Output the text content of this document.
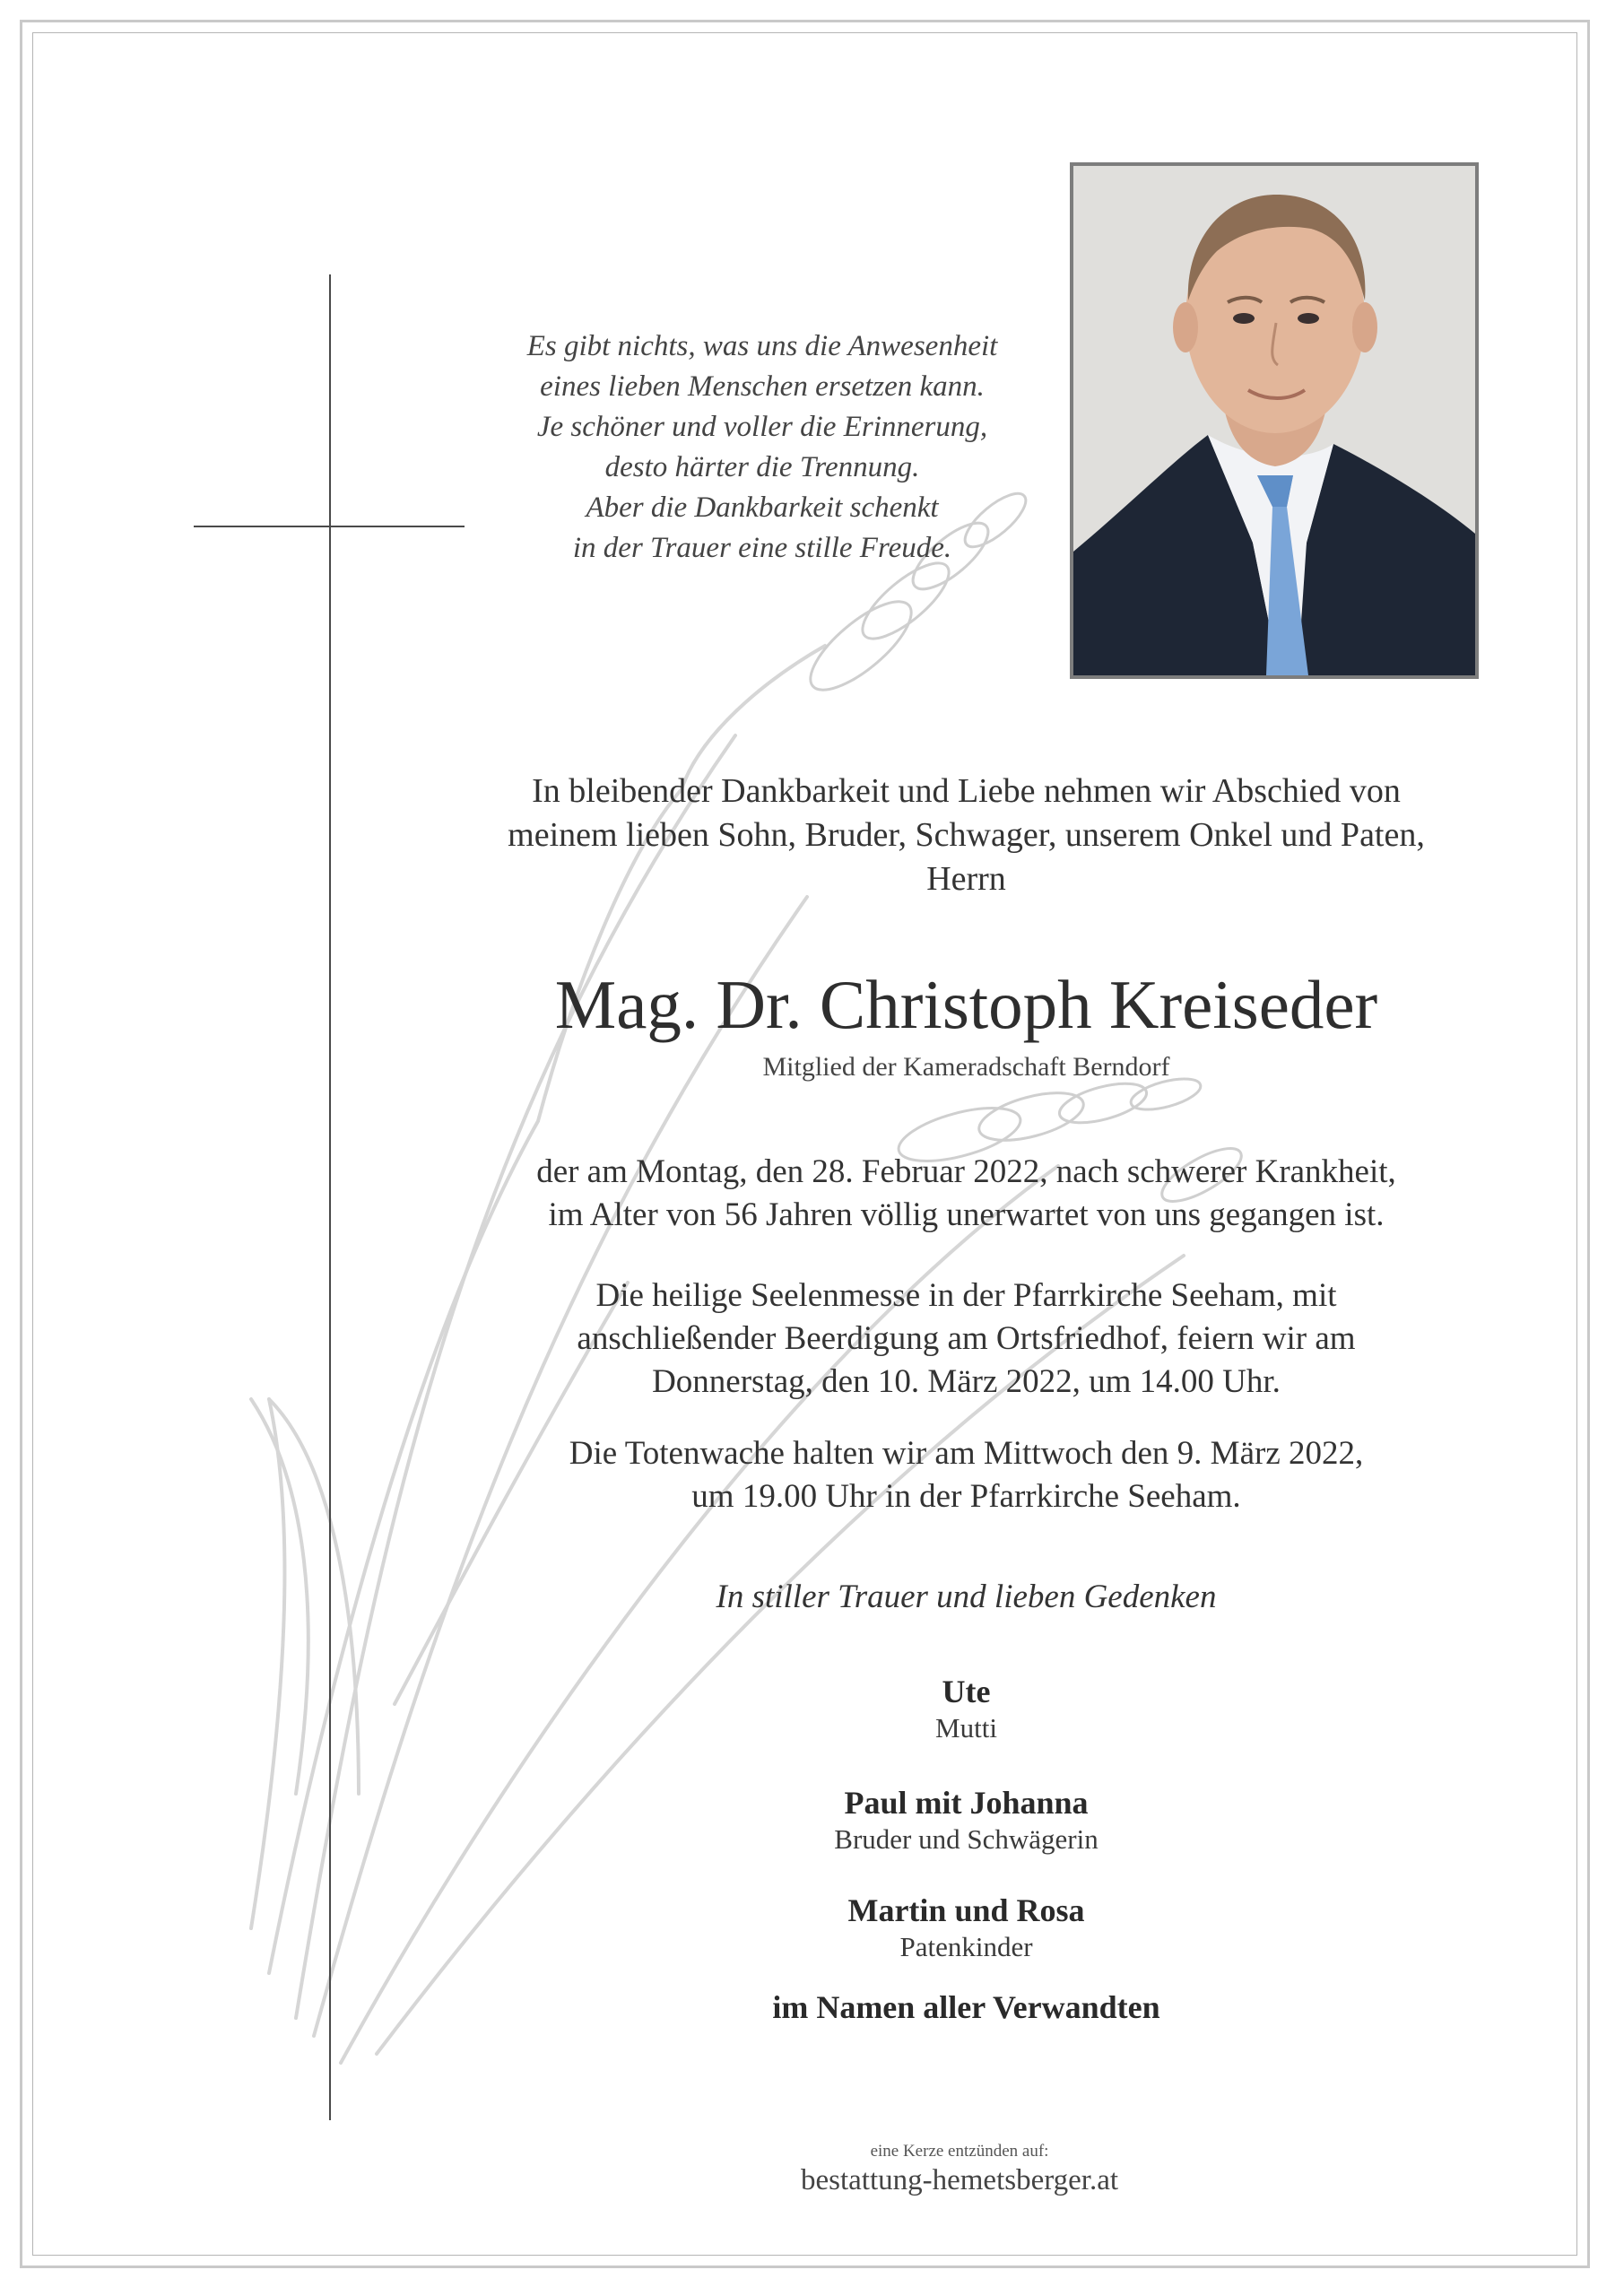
Es gibt nichts, was uns die Anwesenheit
eines lieben Menschen ersetzen kann.
Je schöner und voller die Erinnerung,
desto härter die Trennung.
Aber die Dankbarkeit schenkt
in der Trauer eine stille Freude.
In bleibender Dankbarkeit und Liebe nehmen wir Abschied von
meinem lieben Sohn, Bruder, Schwager, unserem Onkel und Paten,
Herrn
Mag. Dr. Christoph Kreiseder
Mitglied der Kameradschaft Berndorf
der am Montag, den 28. Februar 2022, nach schwerer Krankheit,
im Alter von 56 Jahren völlig unerwartet von uns gegangen ist.
Die heilige Seelenmesse in der Pfarrkirche Seeham, mit
anschließender Beerdigung am Ortsfriedhof, feiern wir am
Donnerstag, den 10. März 2022, um 14.00 Uhr.
Die Totenwache halten wir am Mittwoch den 9. März 2022,
um 19.00 Uhr in der Pfarrkirche Seeham.
In stiller Trauer und lieben Gedenken
Ute
Mutti
Paul mit Johanna
Bruder und Schwägerin
Martin und Rosa
Patenkinder
im Namen aller Verwandten
eine Kerze entzünden auf:
bestattung-hemetsberger.at
